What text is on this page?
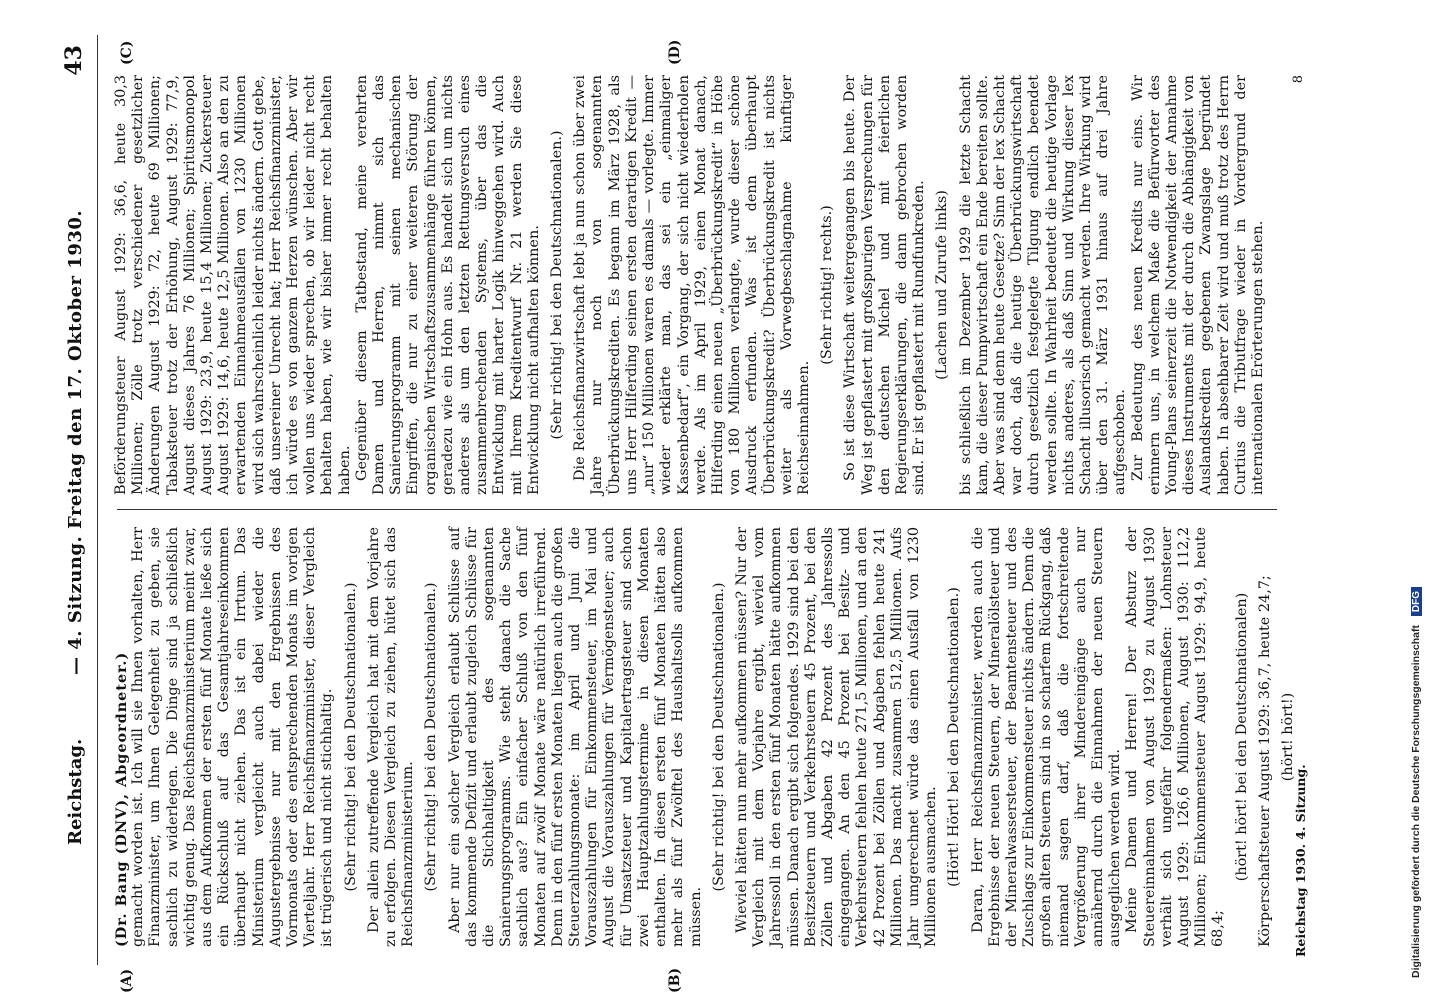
Reichstag.
— 4. Sitzung. Freitag den 17. Oktober 1930.
43
(A)	(B)
(C)	(D)

(Dr. Bang (DNV), Abgeordneter.) gemacht worden ist. Ich will sie Ihnen vorhalten, Herr Finanzminister, um Ihnen Gelegenheit zu geben, sie sachlich zu widerlegen. Die Dinge sind ja schließlich wichtig genug. Das Reichsfinanzministerium meint zwar, aus dem Aufkommen der ersten fünf Monate ließe sich ein Rückschluß auf das Gesamtjahreseinkommen überhaupt nicht ziehen. Das ist ein Irrtum. Das Ministerium vergleicht auch dabei wieder die Augustergebnisse nur mit den Ergebnissen des Vormonats oder des entsprechenden Monats im vorigen Vierteljahr. Herr Reichsfinanzminister, dieser Vergleich ist trügerisch und nicht stichhaltig. (Sehr richtig! bei den Deutschnationalen.) Der allein zutreffende Vergleich hat mit dem Vorjahre zu erfolgen. Diesen Vergleich zu ziehen, hütet sich das Reichsfinanzministerium. (Sehr richtig! bei den Deutschnationalen.) Aber nur ein solcher Vergleich erlaubt Schlüsse auf das kommende Defizit und erlaubt zugleich Schlüsse für die Stichhaltigkeit des sogenannten Sanierungsprogramms. Wie steht danach die Sache sachlich aus? Ein einfacher Schluß von den fünf Monaten auf zwölf Monate wäre natürlich irreführend. Denn in den fünf ersten Monaten liegen auch die großen Steuerzahlungsmonate: im April und Juni die Vorauszahlungen für Einkommensteuer, im Mai und August die Vorauszahlungen für Vermögensteuer; auch für Umsatzsteuer und Kapitalertragsteuer sind schon zwei Hauptzahlungstermine in diesen Monaten enthalten. In diesen ersten fünf Monaten hätten also mehr als fünf Zwölftel des Haushaltsolls aufkommen müssen.

(Sehr richtig! bei den Deutschnationalen.) Wieviel hätten nun mehr aufkommen müssen? Nur der Vergleich mit dem Vorjahre ergibt, wieviel vom Jahressoll in den ersten fünf Monaten hätte aufkommen müssen. Danach ergibt sich folgendes. 1929 sind bei den Besitzsteuern und Verkehrsteuern 45 Prozent, bei den Zöllen und Abgaben 42 Prozent des Jahressolls eingegangen. An den 45 Prozent bei Besitz- und Verkehrsteuern fehlen heute 271,5 Millionen, und an den 42 Prozent bei Zöllen und Abgaben fehlen heute 241 Millionen. Das macht zusammen 512,5 Millionen. Aufs Jahr umgerechnet würde das einen Ausfall von 1230 Millionen ausmachen. (Hört! Hört! bei den Deutschnationalen.) Daran, Herr Reichsfinanzminister, werden auch die Ergebnisse der neuen Steuern, der Mineralölsteuer und der Mineralwassersteuer, der Beamtensteuer und des Zuschlags zur Einkommensteuer nichts ändern. Denn die großen alten Steuern sind in so scharfem Rückgang, daß niemand sagen darf, daß die fortschreitende Vergrößerung ihrer Mindereingänge auch nur annähernd durch die Einnahmen der neuen Steuern ausgeglichen werden wird. Meine Damen und Herren! Der Absturz der Steuereinnahmen von August 1929 zu August 1930 verhält sich ungefähr folgendermaßen: Lohnsteuer August 1929: 126,6 Millionen, August 1930: 112,2 Millionen; Einkommensteuer August 1929: 94,9, heute 68,4;

(hört! hört! bei den Deutschnationalen) Körperschaftsteuer August 1929: 36,7, heute 24,7; (hört! hört!)

Beförderungsteuer August 1929: 36,6, heute 30,3 Millionen; Zölle trotz verschiedener gesetzlicher Änderungen August 1929: 72, heute 69 Millionen; Tabaksteuer trotz der Erhöhung, August 1929: 77,9, August dieses Jahres 76 Millionen; Spiritusmonopol August 1929: 23,9, heute 15,4 Millionen; Zuckersteuer August 1929: 14,6, heute 12,5 Millionen. Also an den zu erwartenden Einnahmeausfällen von 1230 Millionen wird sich wahrscheinlich leider nichts ändern. Gott gebe, daß unsereiner Unrecht hat; Herr Reichsfinanzminister, ich würde es von ganzem Herzen wünschen. Aber wir wollen uns wieder sprechen, ob wir leider nicht recht behalten haben, wie wir bisher immer recht behalten haben. Gegenüber diesem Tatbestand, meine verehrten Damen und Herren, nimmt sich das Sanierungsprogramm mit seinen mechanischen Eingriffen, die nur zu einer weiteren Störung der organischen Wirtschaftszusammenhänge führen können, geradezu wie ein Hohn aus. Es handelt sich um nichts anderes als um den letzten Rettungsversuch eines zusammenbrechenden Systems, über das die Entwicklung mit harter Logik hinweggehen wird. Auch mit Ihrem Kreditentwurf Nr. 21 werden Sie diese Entwicklung nicht aufhalten können. (Sehr richtig! bei den Deutschnationalen.) Die Reichsfinanzwirtschaft lebt ja nun schon über zwei Jahre nur noch von sogenannten Überbrückungskrediten. Es begann im März 1928, als uns Herr Hilferding seinen ersten derartigen Kredit — „nur“ 150 Millionen waren es damals — vorlegte. Immer wieder erklärte man, das sei ein „einmaliger Kassenbedarf“, ein Vorgang, der sich nicht wiederholen werde. Als im April 1929, einen Monat danach, Hilferding einen neuen „Überbrückungskredit“ in Höhe von 180 Millionen verlangte, wurde dieser schöne Ausdruck erfunden. Was ist denn überhaupt Überbrückungskredit? Überbrückungskredit ist nichts weiter als Vorwegbeschlagnahme künftiger Reichseinnahmen.

(Sehr richtig! rechts.) So ist diese Wirtschaft weitergegangen bis heute. Der Weg ist gepflastert mit großspurigen Versprechungen für den deutschen Michel und mit feierlichen Regierungserklärungen, die dann gebrochen worden sind. Er ist gepflastert mit Rundfunkreden. (Lachen und Zurufe links) bis schließlich im Dezember 1929 die letzte Schacht kam, die dieser Pumpwirtschaft ein Ende bereiten sollte. Aber was sind denn heute Gesetze? Sinn der lex Schacht war doch, daß die heutige Überbrückungswirtschaft durch gesetzlich festgelegte Tilgung endlich beendet werden sollte. In Wahrheit bedeutet die heutige Vorlage nichts anderes, als daß Sinn und Wirkung dieser lex Schacht illusorisch gemacht werden. Ihre Wirkung wird über den 31. März 1931 hinaus auf drei Jahre aufgeschoben. Zur Bedeutung des neuen Kredits nur eins. Wir erinnern uns, in welchem Maße die Befürworter des Young-Plans seinerzeit die Notwendigkeit der Annahme dieses Instruments mit der durch die Abhängigkeit von Auslandskrediten gegebenen Zwangslage begründet haben. In absehbarer Zeit wird und muß trotz des Herrn Curtius die Tributfrage wieder in Vordergrund der internationalen Erörterungen stehen.

Reichstag 1930. 4. Sitzung.
8
Digitalisierung gefördert durch die Deutsche Forschungsgemeinschaft DFG
